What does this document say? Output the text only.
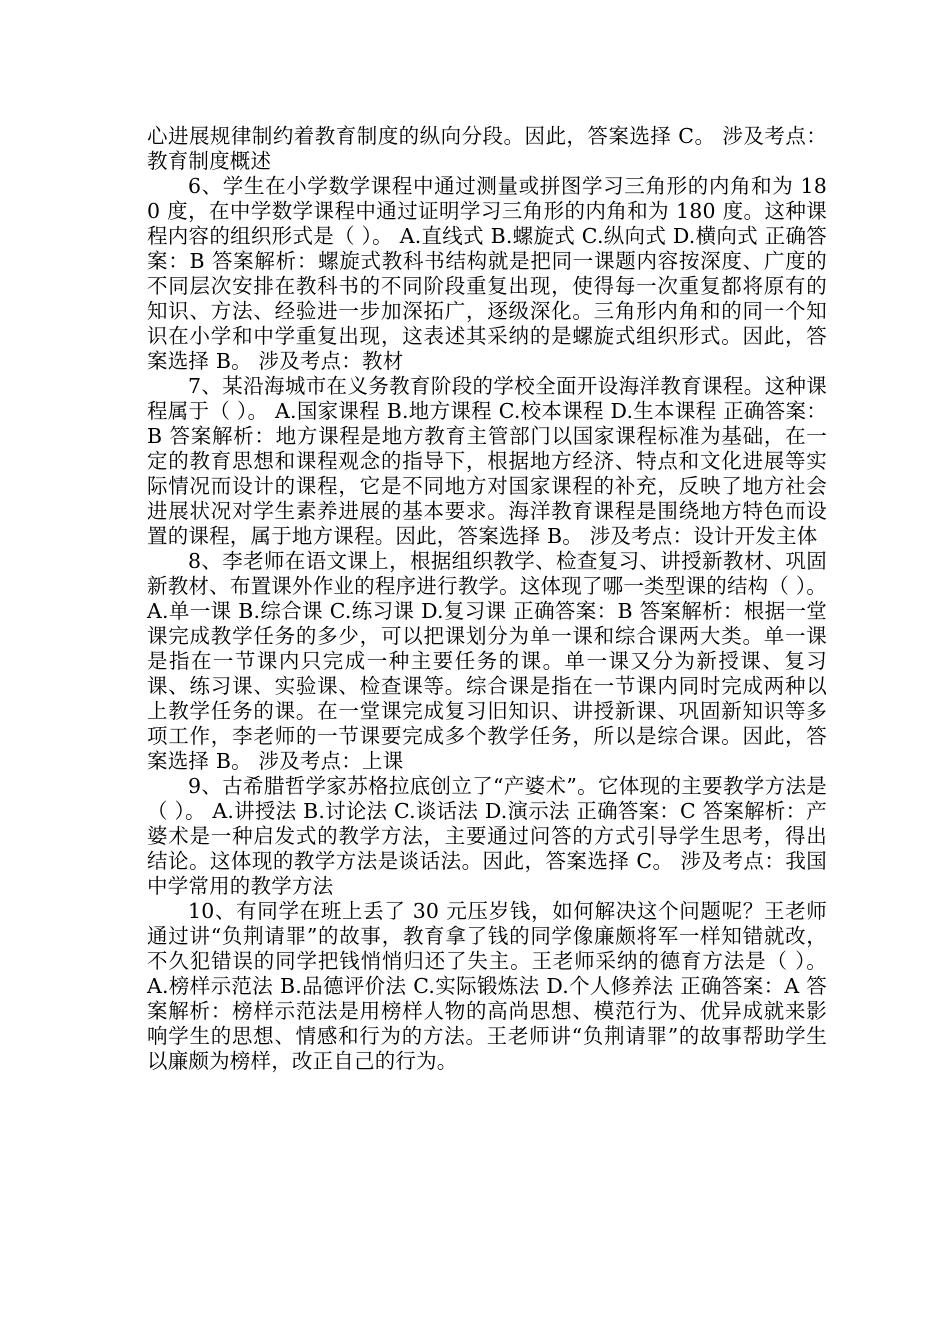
心进展规律制约着教育制度的纵向分段。因此，答案选择 C。 涉及考点：教育制度概述

6、学生在小学数学课程中通过测量或拼图学习三角形的内角和为 180 度，在中学数学课程中通过证明学习三角形的内角和为 180 度。这种课程内容的组织形式是（ ）。 A.直线式 B.螺旋式 C.纵向式 D.横向式 正确答案：B 答案解析：螺旋式教科书结构就是把同一课题内容按深度、广度的不同层次安排在教科书的不同阶段重复出现，使得每一次重复都将原有的知识、方法、经验进一步加深拓广，逐级深化。三角形内角和的同一个知识在小学和中学重复出现，这表述其采纳的是螺旋式组织形式。因此，答案选择 B。 涉及考点：教材

7、某沿海城市在义务教育阶段的学校全面开设海洋教育课程。这种课程属于（ ）。 A.国家课程 B.地方课程 C.校本课程 D.生本课程 正确答案：B 答案解析：地方课程是地方教育主管部门以国家课程标准为基础，在一定的教育思想和课程观念的指导下，根据地方经济、特点和文化进展等实际情况而设计的课程，它是不同地方对国家课程的补充，反映了地方社会进展状况对学生素养进展的基本要求。海洋教育课程是围绕地方特色而设置的课程，属于地方课程。因此，答案选择 B。 涉及考点：设计开发主体

8、李老师在语文课上，根据组织教学、检查复习、讲授新教材、巩固新教材、布置课外作业的程序进行教学。这体现了哪一类型课的结构（ ）。 A.单一课 B.综合课 C.练习课 D.复习课 正确答案：B 答案解析：根据一堂课完成教学任务的多少，可以把课划分为单一课和综合课两大类。单一课是指在一节课内只完成一种主要任务的课。单一课又分为新授课、复习课、练习课、实验课、检查课等。综合课是指在一节课内同时完成两种以上教学任务的课。在一堂课完成复习旧知识、讲授新课、巩固新知识等多项工作，李老师的一节课要完成多个教学任务，所以是综合课。因此，答案选择 B。 涉及考点：上课

9、古希腊哲学家苏格拉底创立了“产婆术”。它体现的主要教学方法是（ ）。 A.讲授法 B.讨论法 C.谈话法 D.演示法 正确答案：C 答案解析：产婆术是一种启发式的教学方法，主要通过问答的方式引导学生思考，得出结论。这体现的教学方法是谈话法。因此，答案选择 C。 涉及考点：我国中学常用的教学方法

10、有同学在班上丢了 30 元压岁钱，如何解决这个问题呢？王老师通过讲“负荆请罪”的故事，教育拿了钱的同学像廉颇将军一样知错就改，不久犯错误的同学把钱悄悄归还了失主。王老师采纳的德育方法是（ ）。 A.榜样示范法 B.品德评价法 C.实际锻炼法 D.个人修养法 正确答案：A 答案解析：榜样示范法是用榜样人物的高尚思想、模范行为、优异成就来影响学生的思想、情感和行为的方法。王老师讲“负荆请罪”的故事帮助学生以廉颇为榜样，改正自己的行为。
